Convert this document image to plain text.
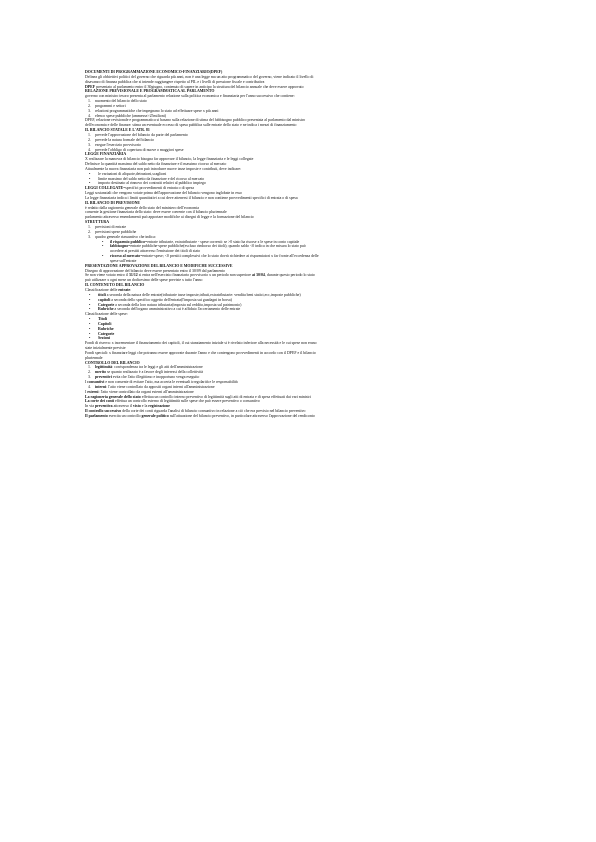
DOCUMENTI DI PROGRAMMAZIONE ECONOMICO-FINANZIARIO(DPEF)

Delinea gli obbiettivi politici del governo che riguarda più anni, non è una legge ma un atto programmatico del governo, viene indicato il livello di disavanzo di finanza pubblica che si intende raggiungere rispetto al PIL e i livelli di pressione fiscale e contributiva

DPEF presentato al parlamento entro il 30giugno, contenuto di sapere in anticipo la struttura del bilancio annuale che deve essere approvato

RELAZIONE PREVISIONALE E PROGRAMMATICA AL PARLAMENTO

governo con ministro tesoro presenta al parlamento relazione sulla politica economica e finanziaria per l'anno successivo che contiene:

1.	nuomento del bilancio dello stato
2.	programmi e settori
3.	relazioni programmatiche che impegnano lo stato ad effettuare spese x più anni
4.	elenco spese pubbliche (ammesse>25milioni)

DPEF, relazione revisionale e programmatica si basano sulla relazione di stima del fabbisogno pubblico presentata al parlamento dal ministro dell'economia e delle finanze: stima un eventuale eccesso di spesa pubblica sulle entrate dello stato e ne indica i mezzi di finanziamento

IL BILANCIO STATALE E L'ATR. 81

1.	prevede l'approvazione del bilancio da parte del parlamento
2.	prevede la natura formale del bilancio
3.	esegue l'esercizio provvisorio
4.	prevede l'obbligo di copertura di nuove o maggiori spese

LEGGE FINANZIARIA

X realizzare la manovra di bilancio bisogna far approvare il bilancio, la legge finanziaria e le leggi collegate

Definisce la quantità massima del saldo netto da finanziare e il massimo ricorso al mercato

Attualmente la nuova finanziaria non può introdurre nuove tasse imposte e contributi, deve indicare:

•	le variazioni di aliquote,detrazioni,scaglioni
•	limite massimo del saldo netto da finanziare e del ricorso al mercato
•	importo destinato al rinnovo dei contratti relativi al pubblico impiego

LEGGI COLLEGATE=specifici provvedimenti di entrata o di spesa

Leggi sostanziali che vengono votate prima dell'approvazione del bilancio vengono inglobate in esso

La legge finanziaria indica i limiti quantitativi a cui deve attenersi il bilancio e non contiene provvedimenti specifici di entrata o di spesa

IL BILANCIO DI PREVISIONE

è redatto dalla ragioneria generale dello stato del ministero dell'economia

consente la gestione finanziaria dello stato: deve essere coerente con il bilancio pluriennale

parlamento attraverso emendamenti può apportare modifiche ai disegni di legge e la formazione del bilancio

STRUTTURA

1.	previsioni di entrate
2.	previsioni spese pubbliche
3.	quadro generale riassuntivo che indica:
•	il risparmio pubblico=entrate tributarie, extratributarie - spese correnti: se >0 stato ha risorse x le spese in conto capitale
•	fabbisogno=entrate pubbliche-spese pubbliche(escluso rimborso dei titoli); quando saldo <0 indica in che misura lo stato può accedere ai prestiti attraverso l'emissione dei titoli di stato
•	ricorso al mercato=entrate-spese; <0 prestiti complessivi che lo stato dovrà richiedere ai risparmiatori x far fronte all'eccedenza delle spese sull'entrate

PRESENTAZIONE APPROVAZIONE DEL BILANCIO E MODIFICHE SUCCESSIVE

Disegno di approvazione del bilancio deve essere presentato entro il 30/09 dal parlamento

Se non viene votato entro il 31/12 si entra nell'esercizio finanziario provvisorio x un periodo non superiore ai 30/04, durante questo periodo lo stato può utilizzare x ogni mese un dodicesimo delle spese previste x tutto l'anno

IL CONTENUTO DEL BILANCIO

Classificazione delle entrate:

•	titoli a seconda della natura delle entrate(tributarie tasse imposte,tributi,extratributarie: vendita beni statici,ecc,imposte pubbliche)
•	capitoli a seconda dello specifico oggetto dell'entrata(l'imposta sui guadagni in borsa)
•	Categorie a seconda della loro natura tributaria(imposta sul reddito,imposta sul patrimonio)
•	Rubriche a seconda dell'organo amministrativo a cui è affidato l'accertamento delle entrate

Classificazione delle spese:

•	Titoli
•	Capitoli
•	Rubriche
•	Categorie
•	Sezioni

Fondi di riserva: x incrementare il finanziamento dei capitoli, il cui stanziamento iniziale si è rivelato inferiore alla necessità e le cui spese non erano state inizialmente previste

Fondi speciali: x finanziare leggi che potranno essere approvate durante l'anno e che contengono provvedimenti in accordo con il DPEF e il bilancio pluriennale

CONTROLLO DEL BILANCIO

1.	legittimità: corrispondenza tra le leggi e gli atti dell'amministrazione
2.	merito se quanto realizzato è a favore degli interessi della collettività
3.	preventivi evita che l'atto illegittimo e inopportuno venga eseguito

I consuntivi e non consente di evitare l'atto, ma accerta le eventuali irregolarità e le responsabilità

4.	interni: l'atto viene controllato da appositi organi interni all'amministrazione

I esterni: l'atto viene controllato da organi esterni all'amministrazione

La ragioneria generale dello stato effettua un controllo interno preventivo di legittimità sugli atti di entrata e di spesa effettuati dai vari ministri

La corte dei conti effettua un controllo esterno di legittimità sulle spese che può essere preventivo o consuntivo

In via preventiva attraverso il visto e la registrazione

Il controllo successivo della corte dei conti riguarda l'analisi di bilancio consuntivo in relazione a ciò che era previsto nel bilancio preventivo

Il parlamento esercita un controllo generale politico sull'attuazione del bilancio preventivo, in particolare attraverso l'approvazione del rendiconto
